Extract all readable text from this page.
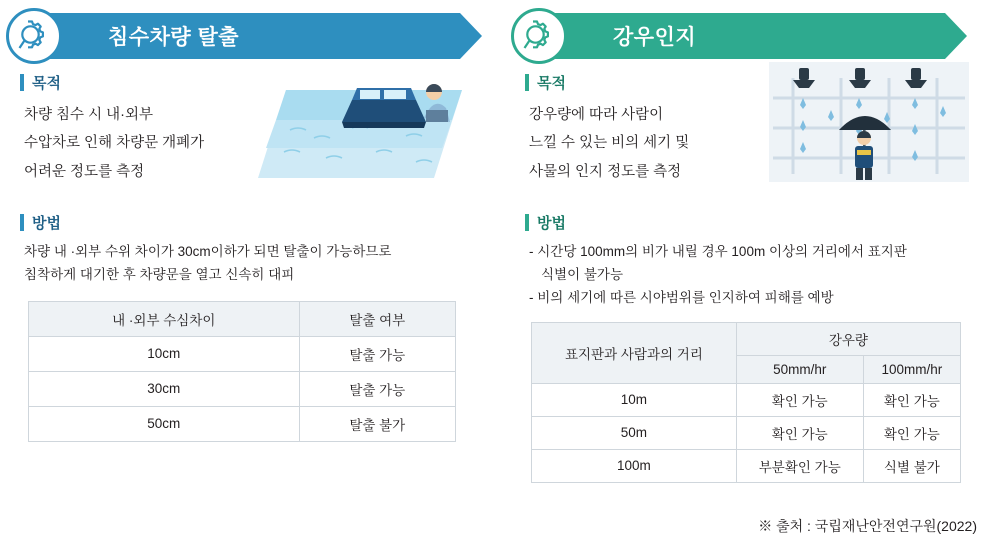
침수차량 탈출
목적
차량 침수 시 내·외부
수압차로 인해 차량문 개폐가
어려운 정도를 측정
방법
차량 내 ·외부 수위 차이가 30cm이하가 되면 탈출이 가능하므로
침착하게 대기한 후 차량문을 열고 신속히 대피
내 ·외부 수심차이	탈출 여부
10cm	탈출 가능
30cm	탈출 가능
50cm	탈출 불가
강우인지
목적
강우량에 따라 사람이
느낄 수 있는 비의 세기 및
사물의 인지 정도를 측정
방법
- 시간당 100mm의 비가 내릴 경우 100m 이상의 거리에서 표지판
식별이 불가능
- 비의 세기에 따른 시야범위를 인지하여 피해를 예방
표지판과 사람과의 거리	강우량	
	50mm/hr	100mm/hr
10m	확인 가능	확인 가능
50m	확인 가능	확인 가능
100m	부분확인 가능	식별 불가
※ 출처 : 국립재난안전연구원(2022)
